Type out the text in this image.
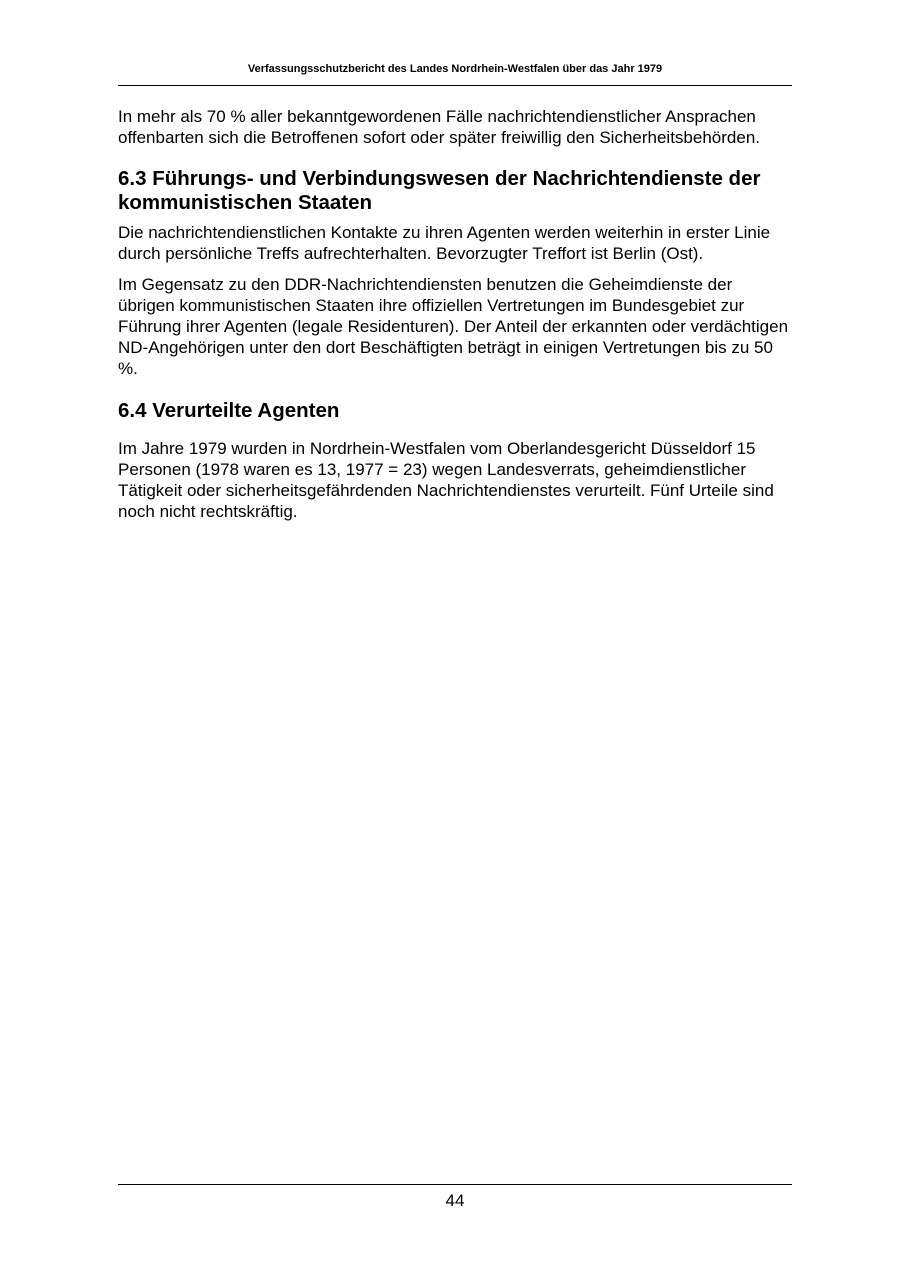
Verfassungsschutzbericht des Landes Nordrhein-Westfalen über das Jahr 1979

In mehr als 70 % aller bekanntgewordenen Fälle nachrichtendienstlicher Ansprachen offenbarten sich die Betroffenen sofort oder später freiwillig den Sicherheitsbehörden.

6.3 Führungs- und Verbindungswesen der Nachrichtendienste der kommunistischen Staaten

Die nachrichtendienstlichen Kontakte zu ihren Agenten werden weiterhin in erster Linie durch persönliche Treffs aufrechterhalten. Bevorzugter Treffort ist Berlin (Ost).

Im Gegensatz zu den DDR-Nachrichtendiensten benutzen die Geheimdienste der übrigen kommunistischen Staaten ihre offiziellen Vertretungen im Bundesgebiet zur Führung ihrer Agenten (legale Residenturen). Der Anteil der erkannten oder verdächtigen ND-Angehörigen unter den dort Beschäftigten beträgt in einigen Vertretungen bis zu 50 %.

6.4 Verurteilte Agenten

Im Jahre 1979 wurden in Nordrhein-Westfalen vom Oberlandesgericht Düsseldorf 15 Personen (1978 waren es 13, 1977 = 23) wegen Landesverrats, geheimdienstlicher Tätigkeit oder sicherheitsgefährdenden Nachrichtendienstes verurteilt. Fünf Urteile sind noch nicht rechtskräftig.

44
